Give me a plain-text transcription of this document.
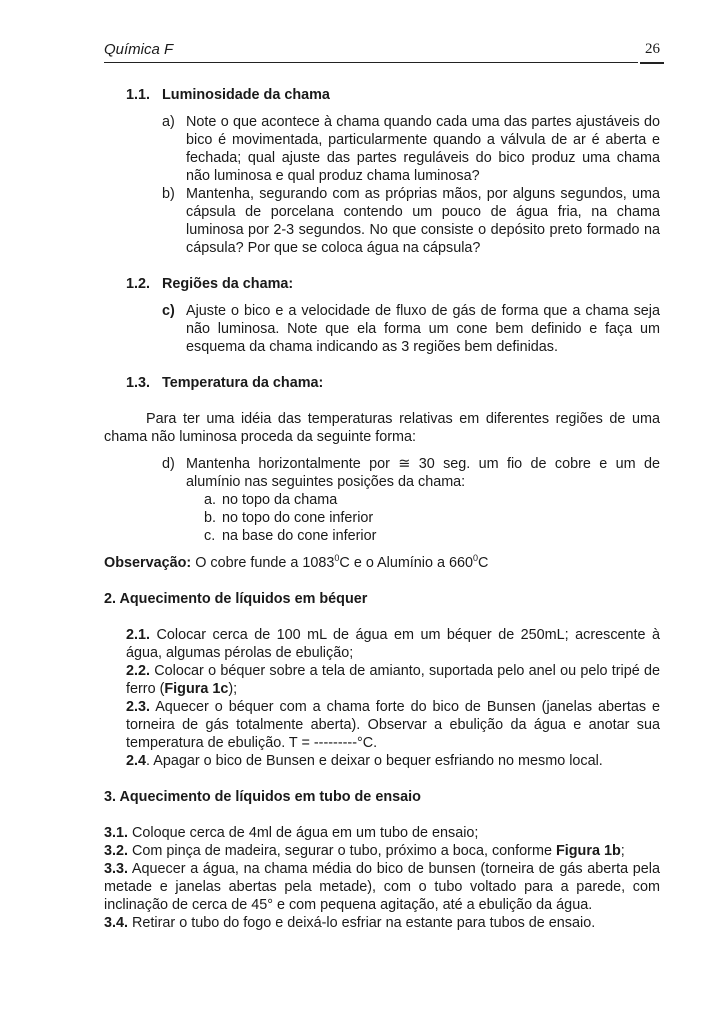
Química F	26
1.1. Luminosidade da chama
a) Note o que acontece à chama quando cada uma das partes ajustáveis do bico é movimentada, particularmente quando a válvula de ar é aberta e fechada; qual ajuste das partes reguláveis do bico produz uma chama não luminosa e qual produz chama luminosa?
b) Mantenha, segurando com as próprias mãos, por alguns segundos, uma cápsula de porcelana contendo um pouco de água fria, na chama luminosa por 2-3 segundos. No que consiste o depósito preto formado na cápsula? Por que se coloca água na cápsula?
1.2. Regiões da chama:
c) Ajuste o bico e a velocidade de fluxo de gás de forma que a chama seja não luminosa. Note que ela forma um cone bem definido e faça um esquema da chama indicando as 3 regiões bem definidas.
1.3. Temperatura da chama:
Para ter uma idéia das temperaturas relativas em diferentes regiões de uma chama não luminosa proceda da seguinte forma:
d) Mantenha horizontalmente por ≅ 30 seg. um fio de cobre e um de alumínio nas seguintes posições da chama:
a. no topo da chama
b. no topo do cone inferior
c. na base do cone inferior
Observação: O cobre funde a 1083$^0$C e o Alumínio a $660^0C$
2. Aquecimento de líquidos em béquer
2.1. Colocar cerca de 100 mL de água em um béquer de 250mL; acrescente à água, algumas pérolas de ebulição;
2.2. Colocar o béquer sobre a tela de amianto, suportada pelo anel ou pelo tripé de ferro (Figura 1c);
2.3. Aquecer o béquer com a chama forte do bico de Bunsen (janelas abertas e torneira de gás totalmente aberta). Observar a ebulição da água e anotar sua temperatura de ebulição. T = ---------°C.
2.4. Apagar o bico de Bunsen e deixar o bequer esfriando no mesmo local.
3. Aquecimento de líquidos em tubo de ensaio
3.1. Coloque cerca de 4ml de água em um tubo de ensaio;
3.2. Com pinça de madeira, segurar o tubo, próximo a boca, conforme Figura 1b;
3.3. Aquecer a água, na chama média do bico de bunsen (torneira de gás aberta pela metade e janelas abertas pela metade), com o tubo voltado para a parede, com inclinação de cerca de 45° e com pequena agitação, até a ebulição da água.
3.4. Retirar o tubo do fogo e deixá-lo esfriar na estante para tubos de ensaio.
